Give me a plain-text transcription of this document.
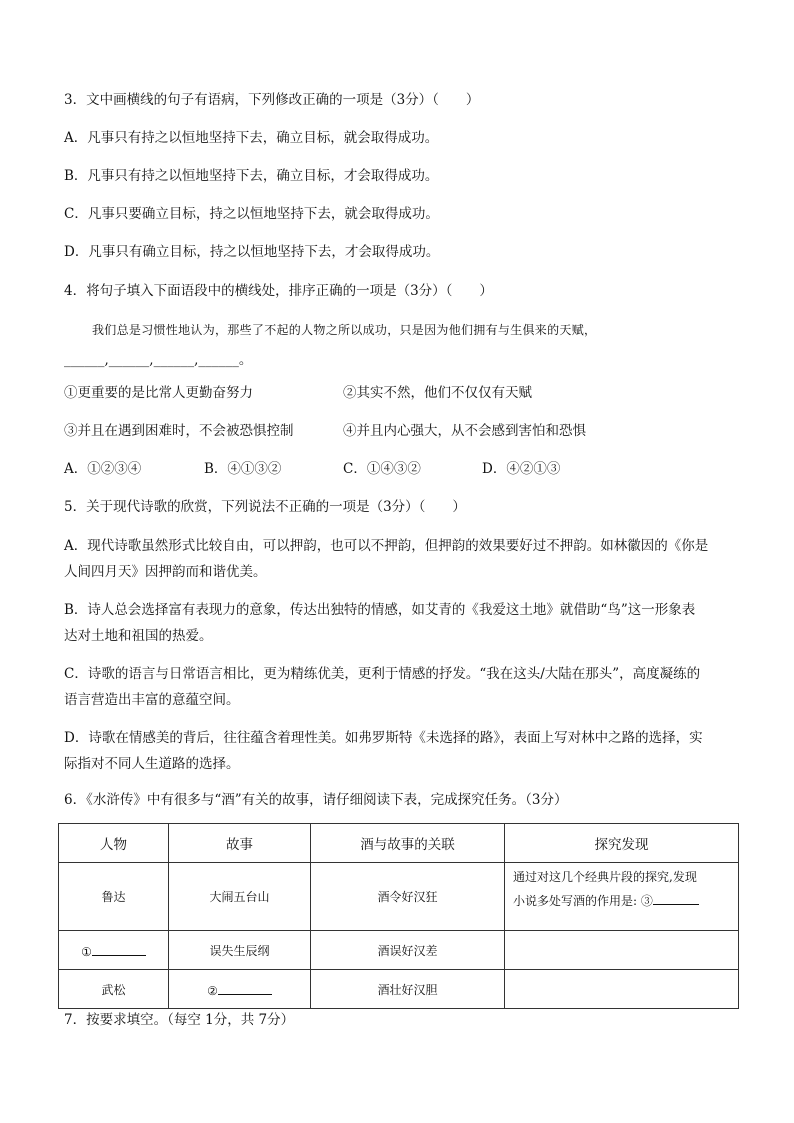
3．文中画横线的句子有语病，下列修改正确的一项是（3分）（　　）
A．凡事只有持之以恒地坚持下去，确立目标，就会取得成功。
B．凡事只有持之以恒地坚持下去，确立目标，才会取得成功。
C．凡事只要确立目标，持之以恒地坚持下去，就会取得成功。
D．凡事只有确立目标，持之以恒地坚持下去，才会取得成功。
4．将句子填入下面语段中的横线处，排序正确的一项是（3分）（　　）
我们总是习惯性地认为，那些了不起的人物之所以成功，只是因为他们拥有与生俱来的天赋，
______,______,______,______。
①更重要的是比常人更勤奋努力	②其实不然，他们不仅仅有天赋
③并且在遇到困难时，不会被恐惧控制	④并且内心强大，从不会感到害怕和恐惧
A．①②③④	B．④①③②	C．①④③②	D．④②①③
5．关于现代诗歌的欣赏，下列说法不正确的一项是（3分）（　　）
A．现代诗歌虽然形式比较自由，可以押韵，也可以不押韵，但押韵的效果要好过不押韵。如林徽因的《你是
人间四月天》因押韵而和谐优美。
B．诗人总会选择富有表现力的意象，传达出独特的情感，如艾青的《我爱这土地》就借助“鸟”这一形象表
达对土地和祖国的热爱。
C．诗歌的语言与日常语言相比，更为精练优美，更利于情感的抒发。“我在这头/大陆在那头”，高度凝练的
语言营造出丰富的意蕴空间。
D．诗歌在情感美的背后，往往蕴含着理性美。如弗罗斯特《未选择的路》，表面上写对林中之路的选择，实
际指对不同人生道路的选择。
6．《水浒传》中有很多与“酒”有关的故事，请仔细阅读下表，完成探究任务。（3分）
人物	故事	酒与故事的关联	探究发现
鲁达	大闹五台山	酒令好汉狂	通过对这几个经典片段的探究,发现
小说多处写酒的作用是: ③

①	误失生辰纲	酒误好汉差	
武松	②	酒壮好汉胆	
7．按要求填空。（每空 1分，共 7分）
